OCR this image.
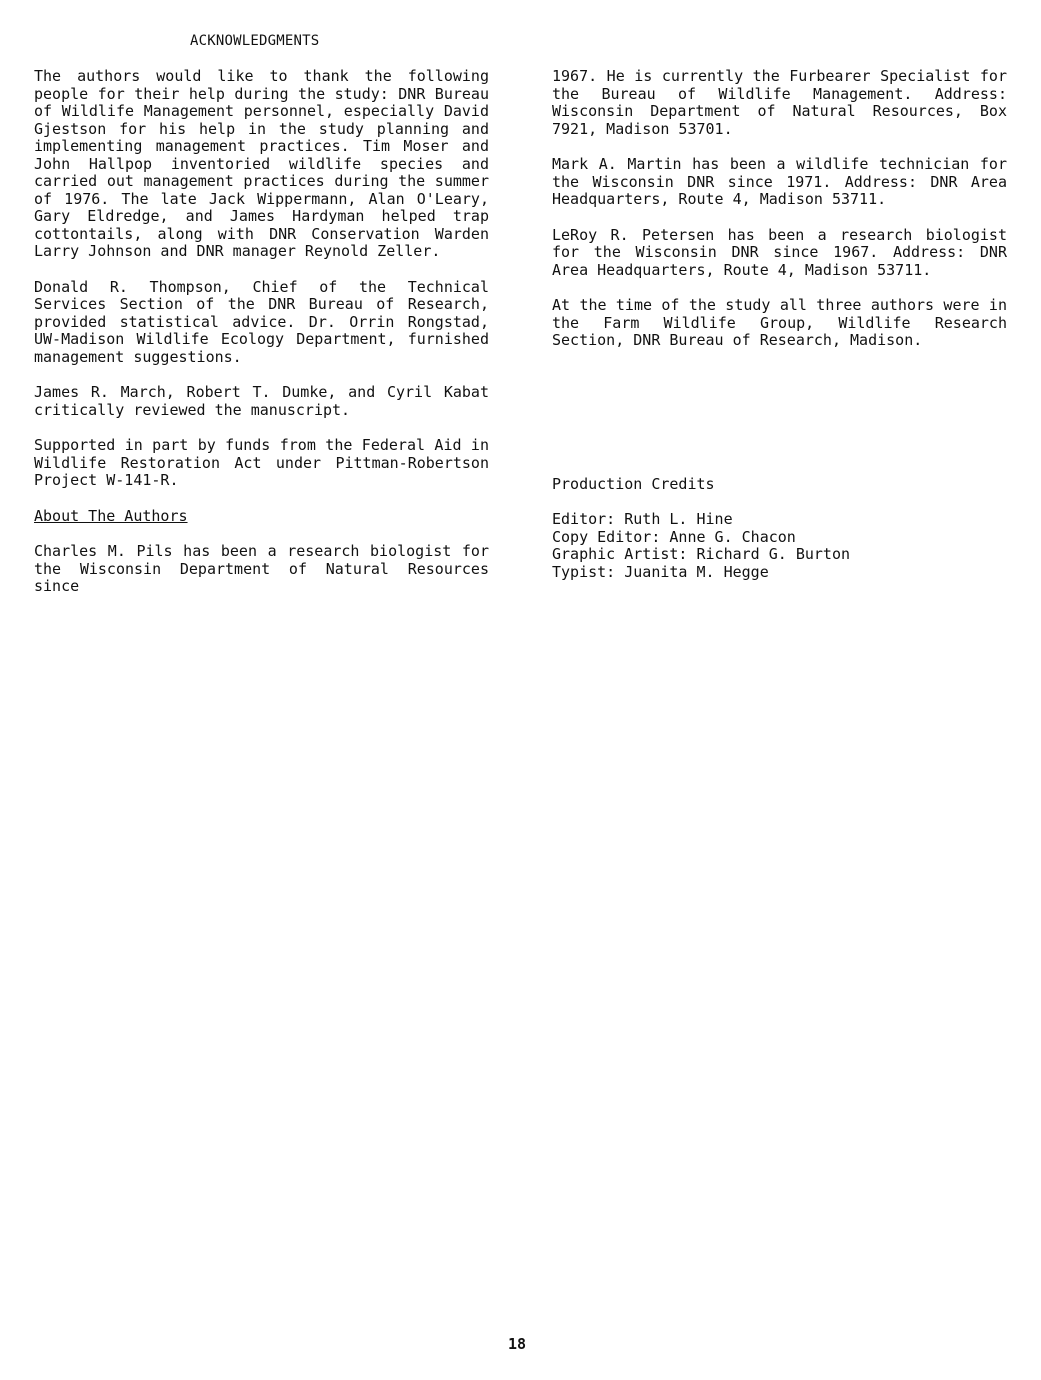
ACKNOWLEDGMENTS

The authors would like to thank the following people for their help during the study: DNR Bureau of Wildlife Management personnel, especially David Gjestson for his help in the study planning and implementing management practices. Tim Moser and John Hallpop inventoried wildlife species and carried out management practices during the summer of 1976. The late Jack Wippermann, Alan O'Leary, Gary Eldredge, and James Hardyman helped trap cottontails, along with DNR Conservation Warden Larry Johnson and DNR manager Reynold Zeller.

Donald R. Thompson, Chief of the Technical Services Section of the DNR Bureau of Research, provided statistical advice. Dr. Orrin Rongstad, UW-Madison Wildlife Ecology Department, furnished management suggestions.

James R. March, Robert T. Dumke, and Cyril Kabat critically reviewed the manuscript.

Supported in part by funds from the Federal Aid in Wildlife Restoration Act under Pittman-Robertson Project W-141-R.

About The Authors

Charles M. Pils has been a research biologist for the Wisconsin Department of Natural Resources since

1967. He is currently the Furbearer Specialist for the Bureau of Wildlife Management. Address: Wisconsin Department of Natural Resources, Box 7921, Madison 53701.

Mark A. Martin has been a wildlife technician for the Wisconsin DNR since 1971. Address: DNR Area Headquarters, Route 4, Madison 53711.

LeRoy R. Petersen has been a research biologist for the Wisconsin DNR since 1967. Address: DNR Area Headquarters, Route 4, Madison 53711.

At the time of the study all three authors were in the Farm Wildlife Group, Wildlife Research Section, DNR Bureau of Research, Madison.

Production Credits
Editor: Ruth L. Hine
Copy Editor: Anne G. Chacon
Graphic Artist: Richard G. Burton
Typist: Juanita M. Hegge
18
